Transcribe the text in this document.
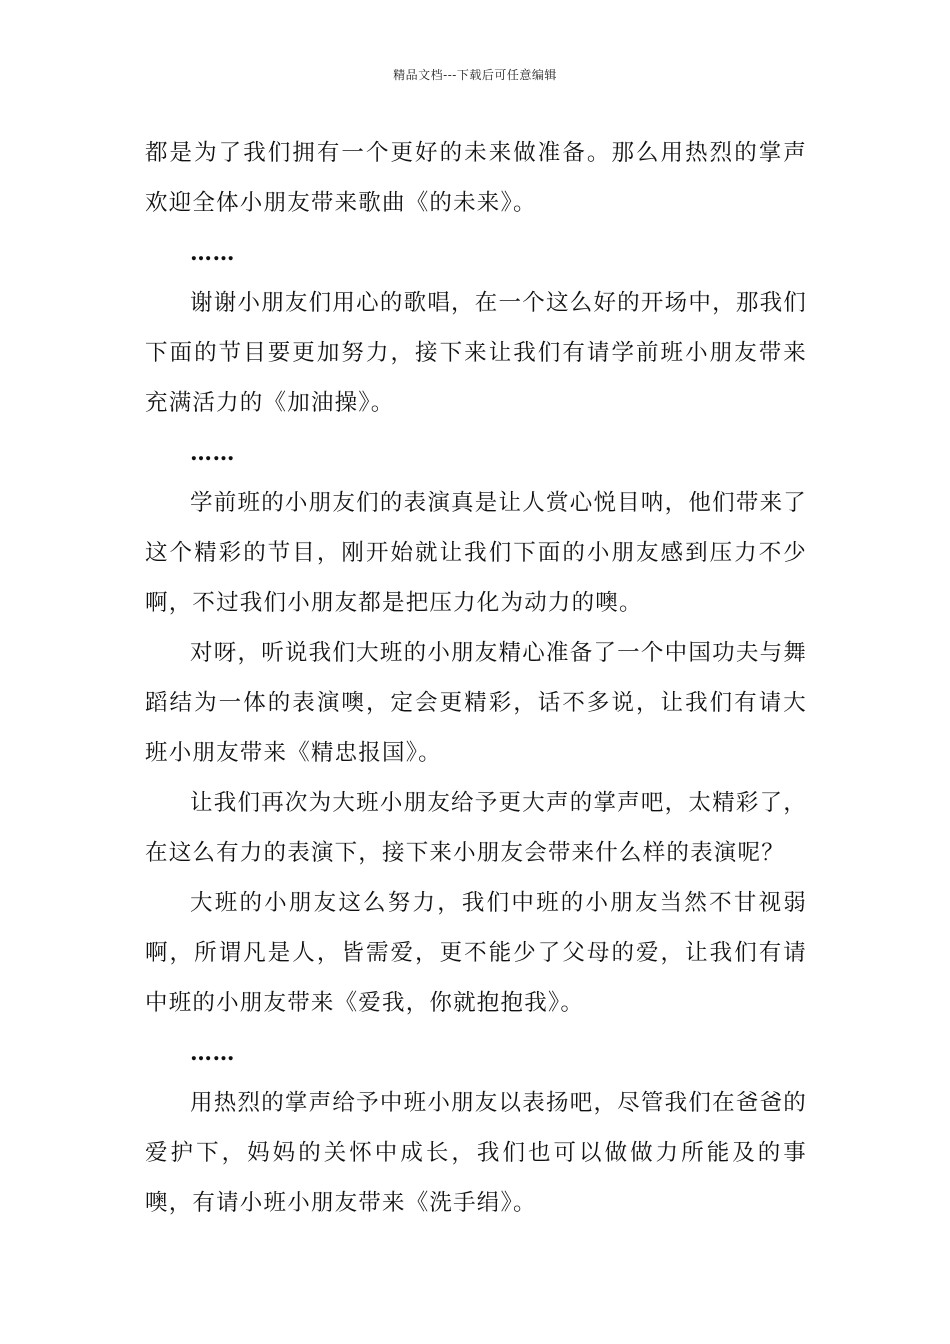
精品文档---下载后可任意编辑

都是为了我们拥有一个更好的未来做准备。那么用热烈的掌声欢迎全体小朋友带来歌曲《的未来》。

……

谢谢小朋友们用心的歌唱，在一个这么好的开场中，那我们下面的节目要更加努力，接下来让我们有请学前班小朋友带来充满活力的《加油操》。

……

学前班的小朋友们的表演真是让人赏心悦目呐，他们带来了这个精彩的节目，刚开始就让我们下面的小朋友感到压力不少啊，不过我们小朋友都是把压力化为动力的噢。

对呀，听说我们大班的小朋友精心准备了一个中国功夫与舞蹈结为一体的表演噢，定会更精彩，话不多说，让我们有请大班小朋友带来《精忠报国》。

让我们再次为大班小朋友给予更大声的掌声吧，太精彩了，在这么有力的表演下，接下来小朋友会带来什么样的表演呢？

大班的小朋友这么努力，我们中班的小朋友当然不甘视弱啊，所谓凡是人，皆需爱，更不能少了父母的爱，让我们有请中班的小朋友带来《爱我，你就抱抱我》。

……

用热烈的掌声给予中班小朋友以表扬吧，尽管我们在爸爸的爱护下，妈妈的关怀中成长，我们也可以做做力所能及的事噢，有请小班小朋友带来《洗手绢》。
